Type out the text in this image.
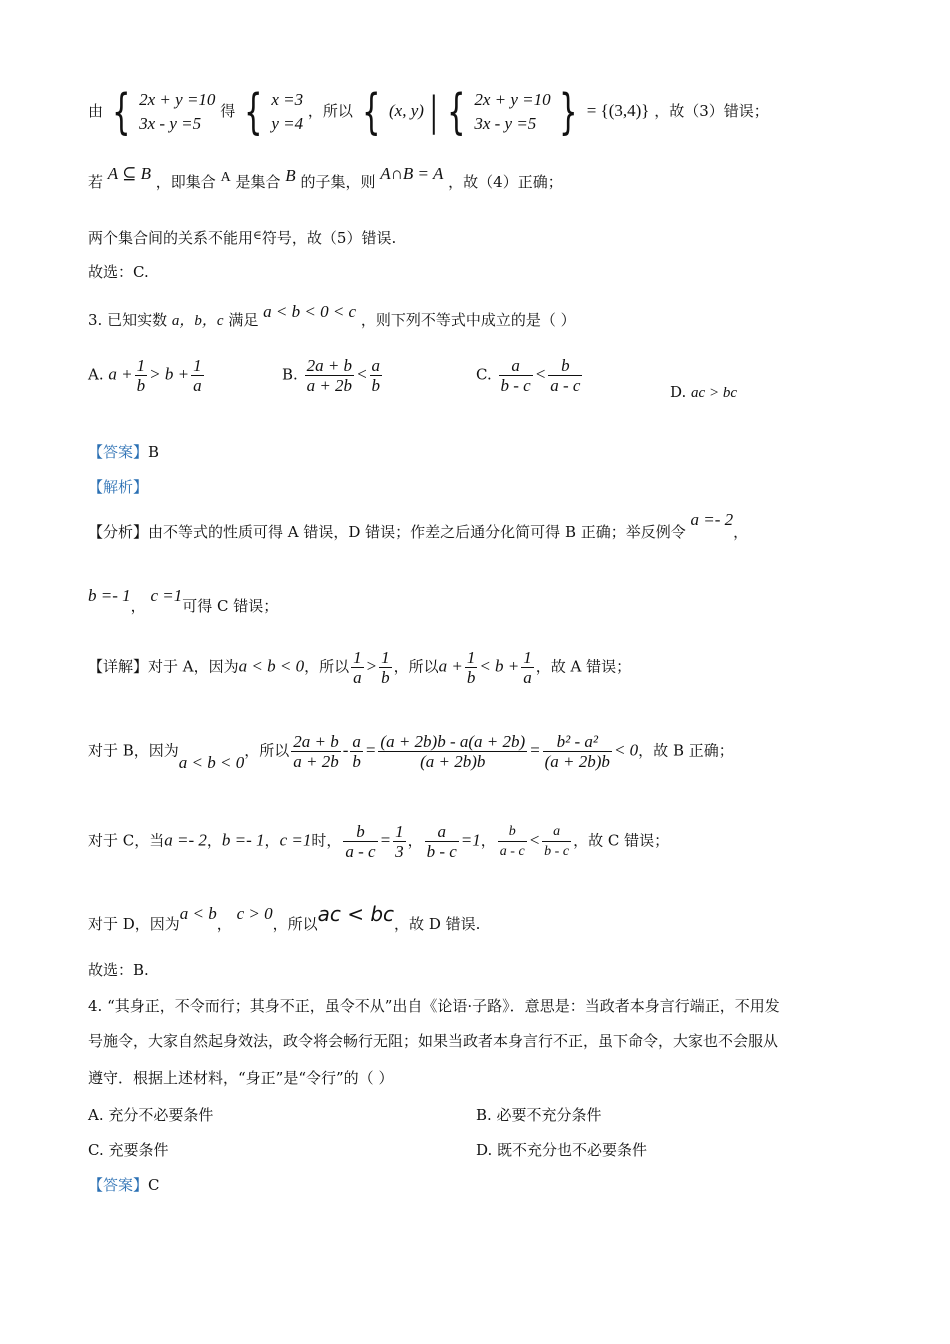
由 { 2x + y =10
3x - y =5
得 { x =3
y =4
，所以 { (x, y) | { 2x + y =10
3x - y =5 } = {(3,4)} ，故（3）错误；
若 A ⊆ B ，即集合 A 是集合 B 的子集，则 A∩B = A ，故（4）正确；
两个集合间的关系不能用∈符号，故（5）错误.
故选：C.
3. 已知实数 a，b，c 满足 a < b < 0 < c ，则下列不等式中成立的是（ ）
A. $a + \frac{1}{b} > b + \frac{1}{a}$	B. $\frac{2a + b}{a + 2b} < \frac{a}{b}$	C. $\frac{a}{b - c} < \frac{b}{a - c}$	D. ac > bc
【答案】B
【解析】
【分析】由不等式的性质可得 A 错误，D 错误；作差之后通分化简可得 B 正确；举反例令 a =- 2，
b =- 1， c =1可得 C 错误；
【详解】对于 A，因为a < b < 0，所以 $\frac{1}{a} > \frac{1}{b}$ ，所以$a + \frac{1}{b} < b + \frac{1}{a}$ ，故 A 错误；
对于 B，因为a < b < 0，所以 $\frac{2a + b}{a + 2b} - \frac{a}{b} = \frac{(a + 2b)b - a(a + 2b)}{(a + 2b)b} = \frac{\text{b² - a²}}{(a + 2b)b} < 0$，故 B 正确；
对于 C，当a =- 2，b =- 1，c =1时， $\frac{b}{a - c} = \frac{1}{3}$ ， $\frac{a}{b - c} =1$， $\frac{b}{a - c} < \frac{a}{b - c}$ ，故 C 错误；
对于 D，因为a < b， c > 0，所以ac < bc，故 D 错误.
故选：B.
4. “其身正，不令而行；其身不正，虽令不从”出自《论语·子路》．意思是：当政者本身言行端正，不用发
号施令，大家自然起身效法，政令将会畅行无阻；如果当政者本身言行不正，虽下命令，大家也不会服从
遵守．根据上述材料，“身正”是“令行”的（ ）
A. 充分不必要条件	B. 必要不充分条件
C. 充要条件	D. 既不充分也不必要条件
【答案】C
